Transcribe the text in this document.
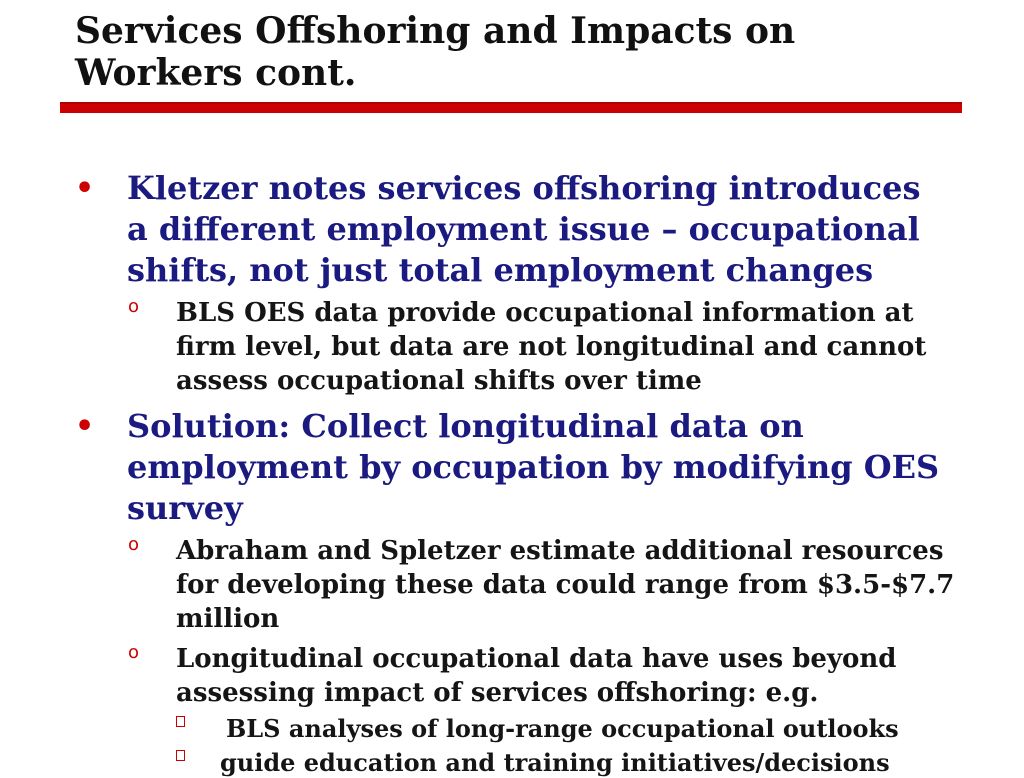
Services Offshoring and Impacts on Workers cont.
• Kletzer notes services offshoring introduces a different employment issue – occupational shifts, not just total employment changes
o BLS OES data provide occupational information at firm level, but data are not longitudinal and cannot assess occupational shifts over time
• Solution: Collect longitudinal data on employment by occupation by modifying OES survey
o Abraham and Spletzer estimate additional resources for developing these data could range from $3.5-$7.7 million
o Longitudinal occupational data have uses beyond assessing impact of services offshoring: e.g.
BLS analyses of long-range occupational outlooks
guide education and training initiatives/decisions
